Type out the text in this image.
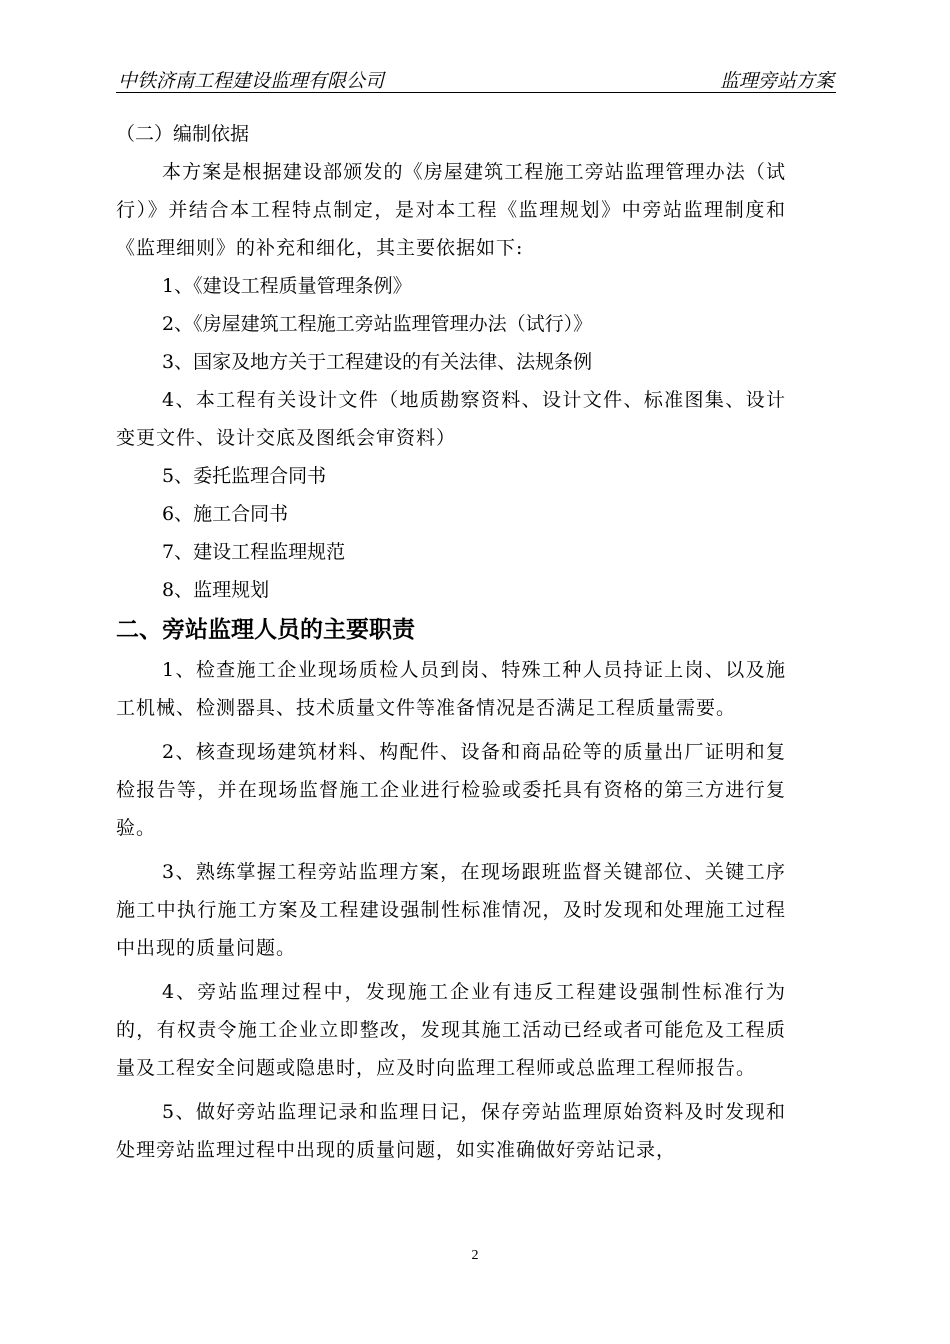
中铁济南工程建设监理有限公司	监理旁站方案
（二）编制依据
本方案是根据建设部颁发的《房屋建筑工程施工旁站监理管理办法（试行）》并结合本工程特点制定，是对本工程《监理规划》中旁站监理制度和《监理细则》的补充和细化，其主要依据如下:
1、《建设工程质量管理条例》
2、《房屋建筑工程施工旁站监理管理办法（试行）》
3、国家及地方关于工程建设的有关法律、法规条例
4、本工程有关设计文件（地质勘察资料、设计文件、标准图集、设计变更文件、设计交底及图纸会审资料）
5、委托监理合同书
6、施工合同书
7、建设工程监理规范
8、监理规划
二、旁站监理人员的主要职责
1、检查施工企业现场质检人员到岗、特殊工种人员持证上岗、以及施工机械、检测器具、技术质量文件等准备情况是否满足工程质量需要。
2、核查现场建筑材料、构配件、设备和商品砼等的质量出厂证明和复检报告等，并在现场监督施工企业进行检验或委托具有资格的第三方进行复验。
3、熟练掌握工程旁站监理方案，在现场跟班监督关键部位、关键工序施工中执行施工方案及工程建设强制性标准情况，及时发现和处理施工过程中出现的质量问题。
4、旁站监理过程中，发现施工企业有违反工程建设强制性标准行为的，有权责令施工企业立即整改，发现其施工活动已经或者可能危及工程质量及工程安全问题或隐患时，应及时向监理工程师或总监理工程师报告。
5、做好旁站监理记录和监理日记，保存旁站监理原始资料及时发现和处理旁站监理过程中出现的质量问题，如实准确做好旁站记录，
2
